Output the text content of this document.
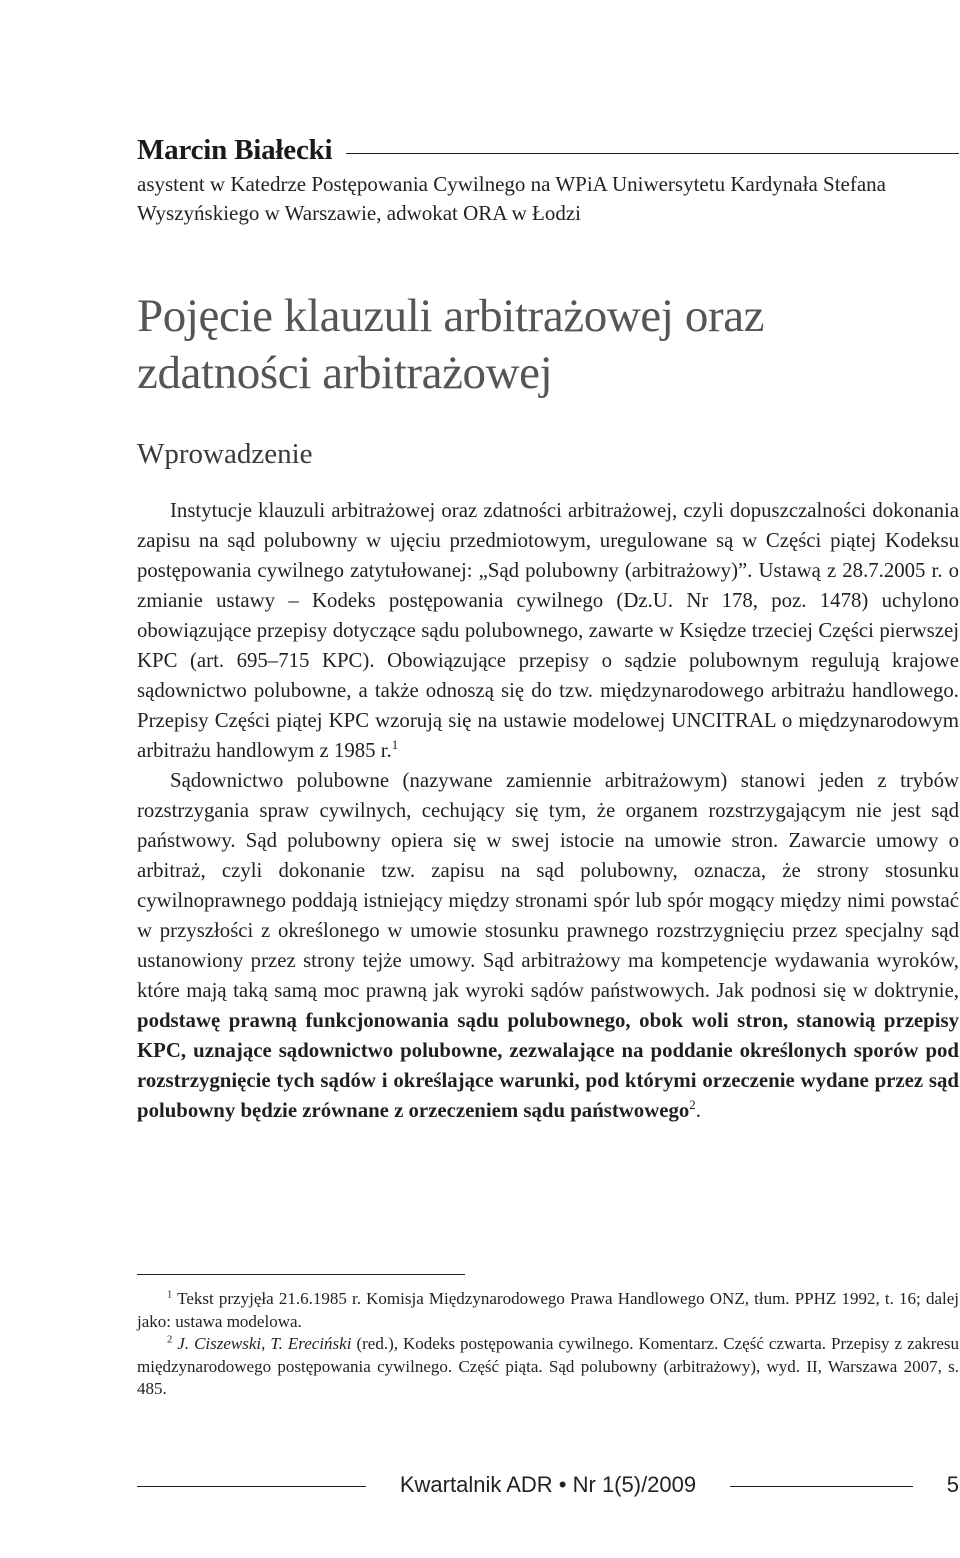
Marcin Białecki
asystent w Katedrze Postępowania Cywilnego na WPiA Uniwersytetu Kardynała Stefana Wyszyńskiego w Warszawie, adwokat ORA w Łodzi
Pojęcie klauzuli arbitrażowej oraz
zdatności arbitrażowej
Wprowadzenie

Instytucje klauzuli arbitrażowej oraz zdatności arbitrażowej, czyli dopuszczalności dokonania zapisu na sąd polubowny w ujęciu przedmiotowym, uregulowane są w Części piątej Kodeksu postępowania cywilnego zatytułowanej: „Sąd polubowny (arbitrażowy)”. Ustawą z 28.7.2005 r. o zmianie ustawy – Kodeks postępowania cywilnego (Dz.U. Nr 178, poz. 1478) uchylono obowiązujące przepisy dotyczące sądu polubownego, zawarte w Księdze trzeciej Części pierwszej KPC (art. 695–715 KPC). Obowiązujące przepisy o sądzie polubownym regulują krajowe sądownictwo polubowne, a także odnoszą się do tzw. międzynarodowego arbitrażu handlowego. Przepisy Części piątej KPC wzorują się na ustawie modelowej UNCITRAL o międzynarodowym arbitrażu handlowym z 1985 r.$^1$

Sądownictwo polubowne (nazywane zamiennie arbitrażowym) stanowi jeden z trybów rozstrzygania spraw cywilnych, cechujący się tym, że organem rozstrzygającym nie jest sąd państwowy. Sąd polubowny opiera się w swej istocie na umowie stron. Zawarcie umowy o arbitraż, czyli dokonanie tzw. zapisu na sąd polubowny, oznacza, że strony stosunku cywilnoprawnego poddają istniejący między stronami spór lub spór mogący między nimi powstać w przyszłości z określonego w umowie stosunku prawnego rozstrzygnięciu przez specjalny sąd ustanowiony przez strony tejże umowy. Sąd arbitrażowy ma kompetencje wydawania wyroków, które mają taką samą moc prawną jak wyroki sądów państwowych. Jak podnosi się w doktrynie, podstawę prawną funkcjonowania sądu polubownego, obok woli stron, stanowią przepisy KPC, uznające sądownictwo polubowne, zezwalające na poddanie określonych sporów pod rozstrzygnięcie tych sądów i określające warunki, pod którymi orzeczenie wydane przez sąd polubowny będzie zrównane z orzeczeniem sądu państwowego$^2$.

$^1$ Tekst przyjęła 21.6.1985 r. Komisja Międzynarodowego Prawa Handlowego ONZ, tłum. PPHZ 1992, t. 16; dalej jako: ustawa modelowa.

$^2$ J. Ciszewski, T. Ereciński (red.), Kodeks postępowania cywilnego. Komentarz. Część czwarta. Przepisy z zakresu międzynarodowego postępowania cywilnego. Część piąta. Sąd polubowny (arbitrażowy), wyd. II, Warszawa 2007, s. 485.

Kwartalnik ADR • Nr 1(5)/2009	5
